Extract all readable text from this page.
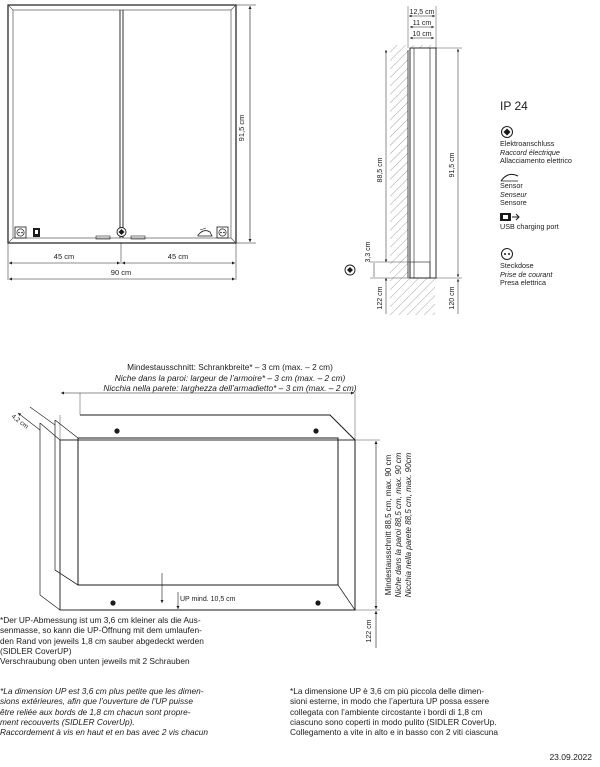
91,5 cm
45 cm	45 cm
90 cm
12,5 cm
11 cm
10 cm
88,5 cm
3,3 cm
122 cm
91,5 cm
120 cm
IP 24
Elektroanschluss
Raccord électrique
Allacciamento elettrico
Sensor
Senseur
Sensore
USB charging port
Steckdose
Prise de courant
Presa elettrica
Mindestausschnitt: Schrankbreite* – 3 cm (max. – 2 cm)
Niche dans la paroi: largeur de l’armoire* – 3 cm (max. – 2 cm)
Nicchia nella parete: larghezza dell’armadietto* – 3 cm (max. – 2 cm)
4,2 cm
UP mind. 10,5 cm
122 cm
Mindestausschnitt 88,5 cm, max. 90 cm Niche dans la paroi 88,5 cm, max. 90 cm Nicchia nella parete 88,5 cm, max. 90cm
*Der UP-Abmessung ist um 3,6 cm kleiner als die Aus-
senmasse, so kann die UP-Öffnung mit dem umlaufen-
den Rand von jeweils 1,8 cm sauber abgedeckt werden
(SIDLER CoverUP)
Verschraubung oben unten jeweils mit 2 Schrauben
*La dimension UP est 3,6 cm plus petite que les dimen-
sions extérieures, afin que l’ouverture de l’UP puisse
être reliée aux bords de 1,8 cm chacun sont propre-
ment recouverts (SIDLER CoverUp).
Raccordement à vis en haut et en bas avec 2 vis chacun
*La dimensione UP è 3,6 cm più piccola delle dimen-
sioni esterne, in modo che l’apertura UP possa essere
collegata con l’ambiente circostante i bordi di 1,8 cm
ciascuno sono coperti in modo pulito (SIDLER CoverUp.
Collegamento a vite in alto e in basso con 2 viti ciascuna
23.09.2022
